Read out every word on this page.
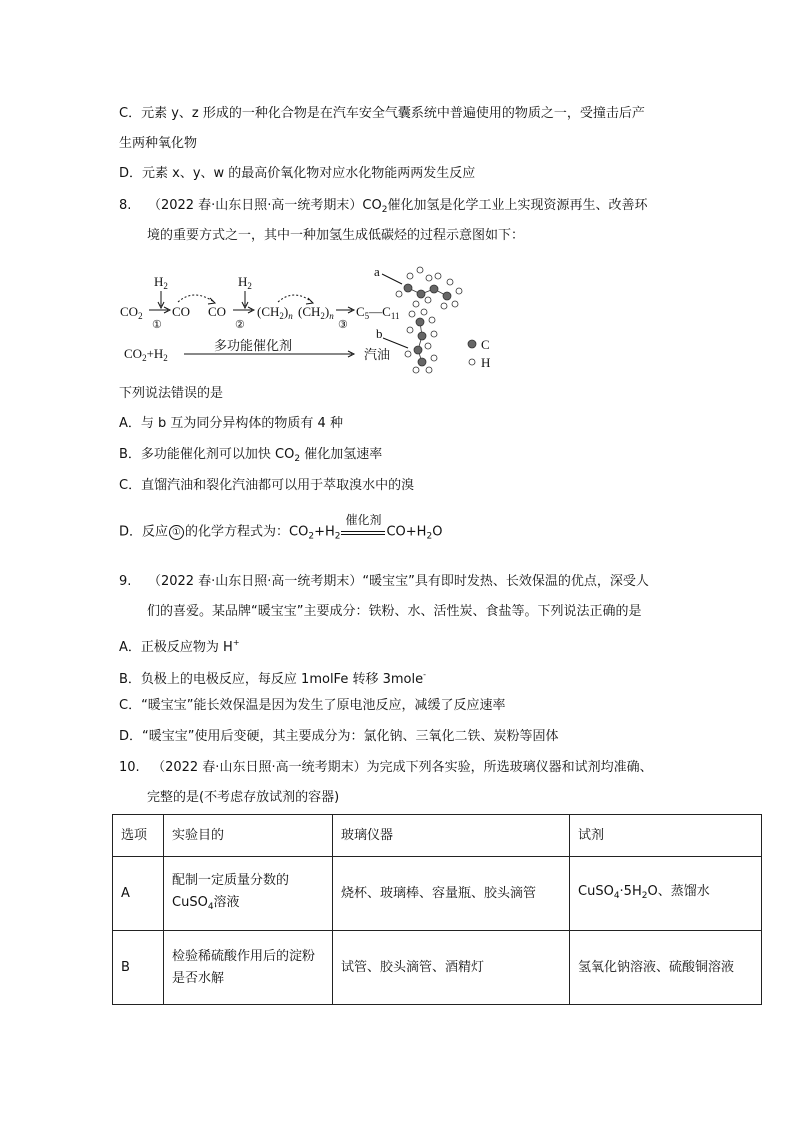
C．元素 y、z 形成的一种化合物是在汽车安全气囊系统中普遍使用的物质之一，受撞击后产
生两种氧化物
D．元素 x、y、w 的最高价氧化物对应水化物能两两发生反应
8. （2022 春·山东日照·高一统考期末）$CO_2$催化加氢是化学工业上实现资源再生、改善环
境的重要方式之一，其中一种加氢生成低碳烃的过程示意图如下：
$H_2$	$H_2$
$CO_2$
①
CO CO
②
$(CH_2)_n$ $(CH_2)_n$
③
$C_5—C_{11}$
$CO_2+H_2$
多功能催化剂
汽油
a
b
C
H
下列说法错误的是
A．与 b 互为同分异构体的物质有 4 种
B．多功能催化剂可以加快 $CO_2$ 催化加氢速率
C．直馏汽油和裂化汽油都可以用于萃取溴水中的溴
D．反应 ① 的化学方程式为：$CO_2+H_2$
催化剂
$CO+H_2O$
9. （2022 春·山东日照·高一统考期末）“暖宝宝”具有即时发热、长效保温的优点，深受人
们的喜爱。某品牌“暖宝宝”主要成分：铁粉、水、活性炭、食盐等。下列说法正确的是
A．正极反应物为 H+
B．负极上的电极反应，每反应 1molFe 转移 3mole-
C．“暖宝宝”能长效保温是因为发生了原电池反应，减缓了反应速率
D．“暖宝宝”使用后变硬，其主要成分为：氯化钠、三氧化二铁、炭粉等固体
10. （2022 春·山东日照·高一统考期末）为完成下列各实验，所选玻璃仪器和试剂均准确、
完整的是(不考虑存放试剂的容器)
选项	实验目的	玻璃仪器	试剂
A	配制一定质量分数的
CuSO$_4$溶液	烧杯、玻璃棒、容量瓶、胶头滴管	$CuSO_4\cdot 5H_2O$、蒸馏水
B	检验稀硫酸作用后的淀粉
是否水解	试管、胶头滴管、酒精灯	氢氧化钠溶液、硫酸铜溶液
